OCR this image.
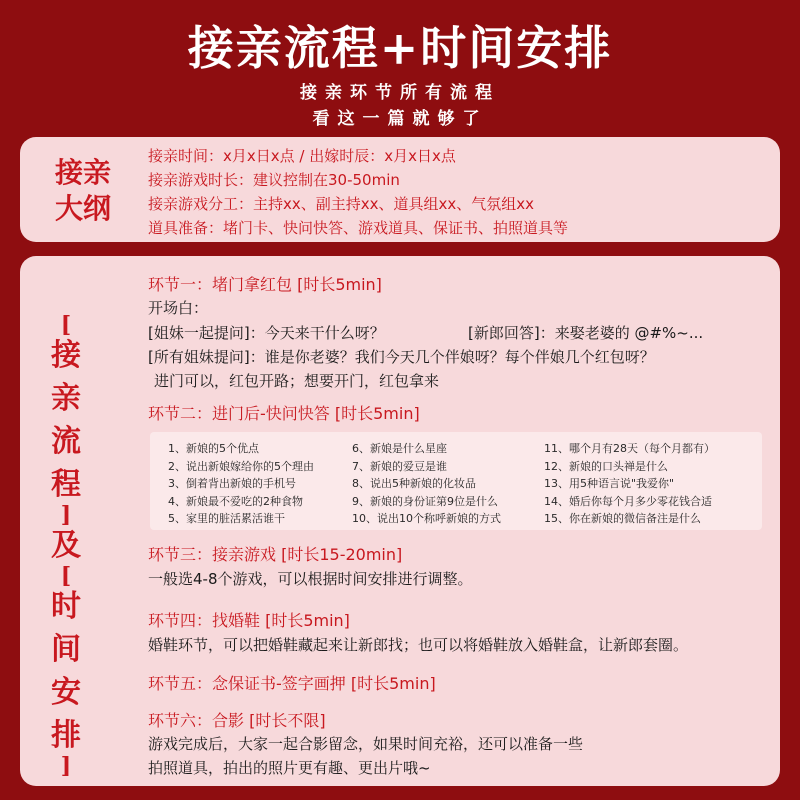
接亲流程+时间安排
接亲环节所有流程
看这一篇就够了
接亲
大纲
接亲时间：x月x日x点 / 出嫁时辰：x月x日x点
接亲游戏时长：建议控制在30-50min
接亲游戏分工：主持xx、副主持xx、道具组xx、气氛组xx
道具准备：堵门卡、快问快答、游戏道具、保证书、拍照道具等
[
接
亲
流
程
]
及
[
时
间
安
排
]
环节一：堵门拿红包 [时长5min]
开场白：
[姐妹一起提问]：今天来干什么呀？	[新郎回答]：来娶老婆的 @#%~...
[所有姐妹提问]：谁是你老婆？我们今天几个伴娘呀？每个伴娘几个红包呀？
进门可以，红包开路；想要开门，红包拿来
环节二：进门后-快问快答 [时长5min]
1、新娘的5个优点
2、说出新娘嫁给你的5个理由
3、倒着背出新娘的手机号
4、新娘最不爱吃的2种食物
5、家里的脏活累活谁干
6、新娘是什么星座
7、新娘的爱豆是谁
8、说出5种新娘的化妆品
9、新娘的身份证第9位是什么
10、说出10个称呼新娘的方式
11、哪个月有28天（每个月都有）
12、新娘的口头禅是什么
13、用5种语言说"我爱你"
14、婚后你每个月多少零花钱合适
15、你在新娘的微信备注是什么
环节三：接亲游戏 [时长15-20min]
一般选4-8个游戏，可以根据时间安排进行调整。
环节四：找婚鞋 [时长5min]
婚鞋环节，可以把婚鞋藏起来让新郎找；也可以将婚鞋放入婚鞋盒，让新郎套圈。
环节五：念保证书-签字画押 [时长5min]
环节六：合影 [时长不限]
游戏完成后，大家一起合影留念，如果时间充裕，还可以准备一些
拍照道具，拍出的照片更有趣、更出片哦~
